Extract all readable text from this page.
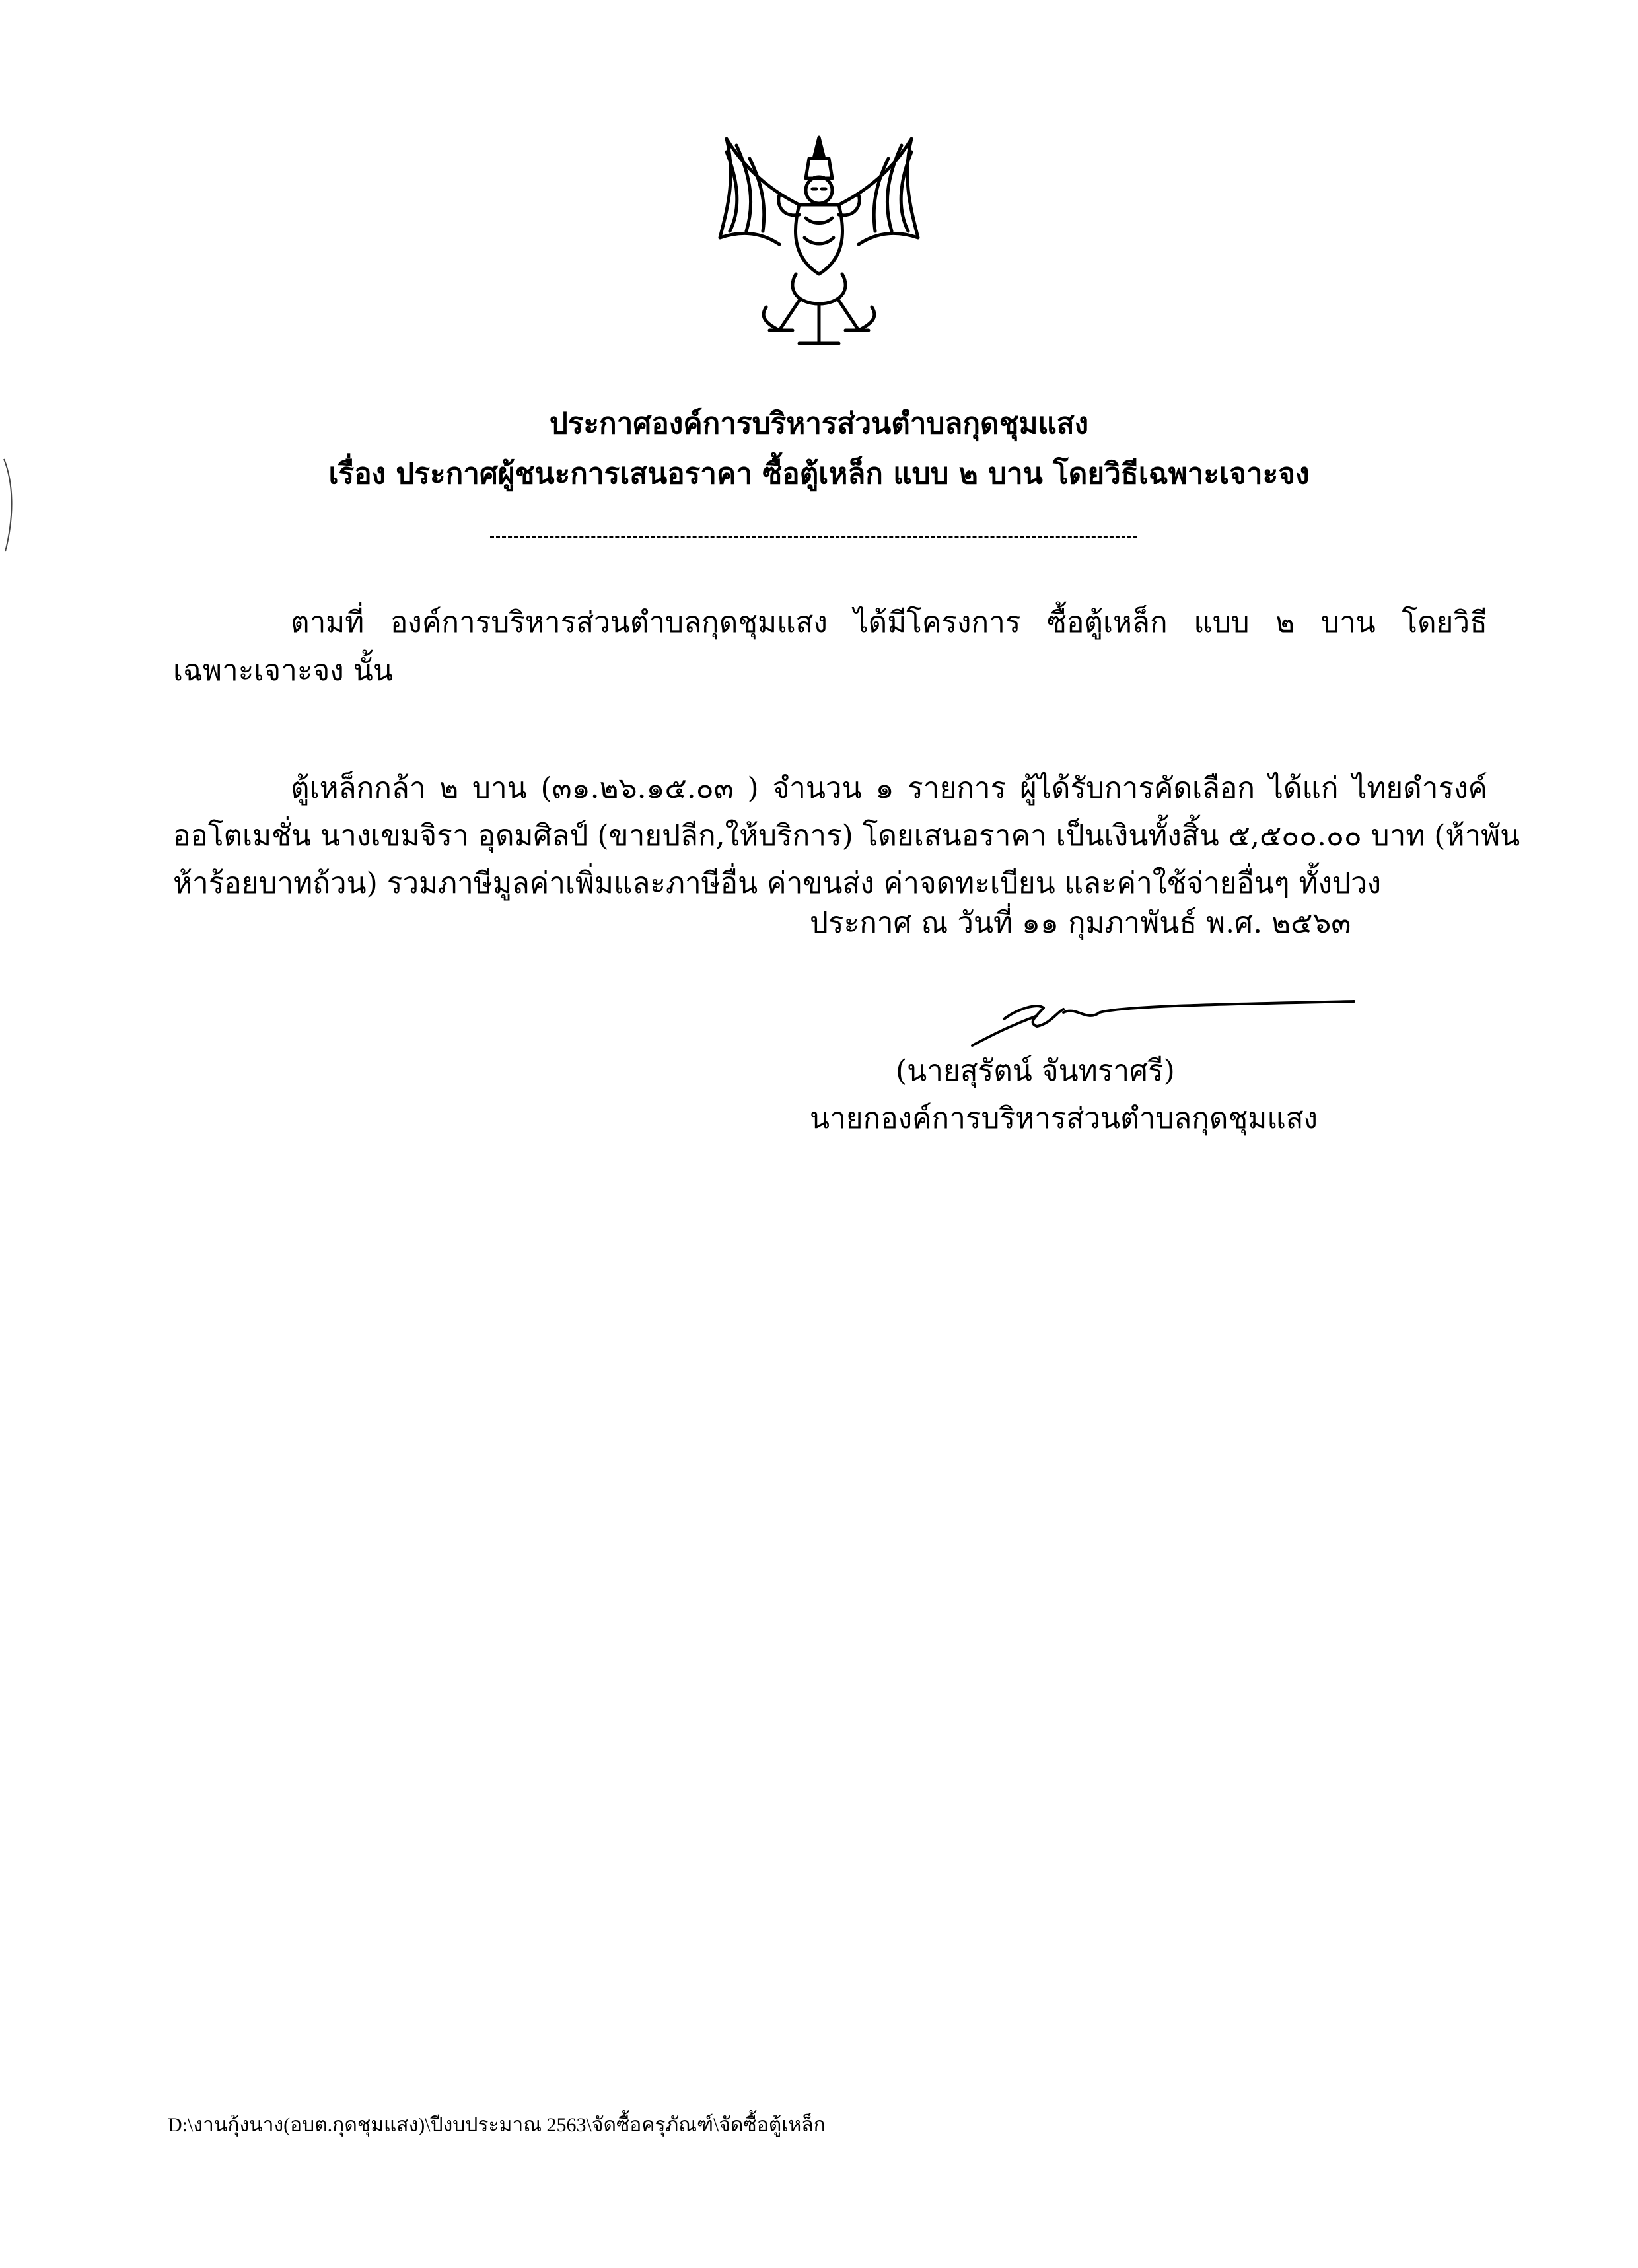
ประกาศองค์การบริหารส่วนตำบลกุดชุมแสง
เรื่อง ประกาศผู้ชนะการเสนอราคา ซื้อตู้เหล็ก แบบ ๒ บาน โดยวิธีเฉพาะเจาะจง
ตามที่ องค์การบริหารส่วนตำบลกุดชุมแสง ได้มีโครงการ ซื้อตู้เหล็ก แบบ ๒ บาน โดยวิธี
เฉพาะเจาะจง นั้น
ตู้เหล็กกล้า ๒ บาน (๓๑.๒๖.๑๕.๐๓ ) จำนวน ๑ รายการ ผู้ได้รับการคัดเลือก ได้แก่ ไทยดำรงค์
ออโตเมชั่น นางเขมจิรา อุดมศิลป์ (ขายปลีก,ให้บริการ) โดยเสนอราคา เป็นเงินทั้งสิ้น ๕,๕๐๐.๐๐ บาท (ห้าพัน
ห้าร้อยบาทถ้วน) รวมภาษีมูลค่าเพิ่มและภาษีอื่น ค่าขนส่ง ค่าจดทะเบียน และค่าใช้จ่ายอื่นๆ ทั้งปวง
ประกาศ ณ วันที่ ๑๑ กุมภาพันธ์ พ.ศ. ๒๕๖๓
(นายสุรัตน์ จันทราศรี)
นายกองค์การบริหารส่วนตำบลกุดชุมแสง
D:\งานกุ้งนาง(อบต.กุดชุมแสง)\ปีงบประมาณ 2563\จัดซื้อครุภัณฑ์\จัดซื้อตู้เหล็ก
